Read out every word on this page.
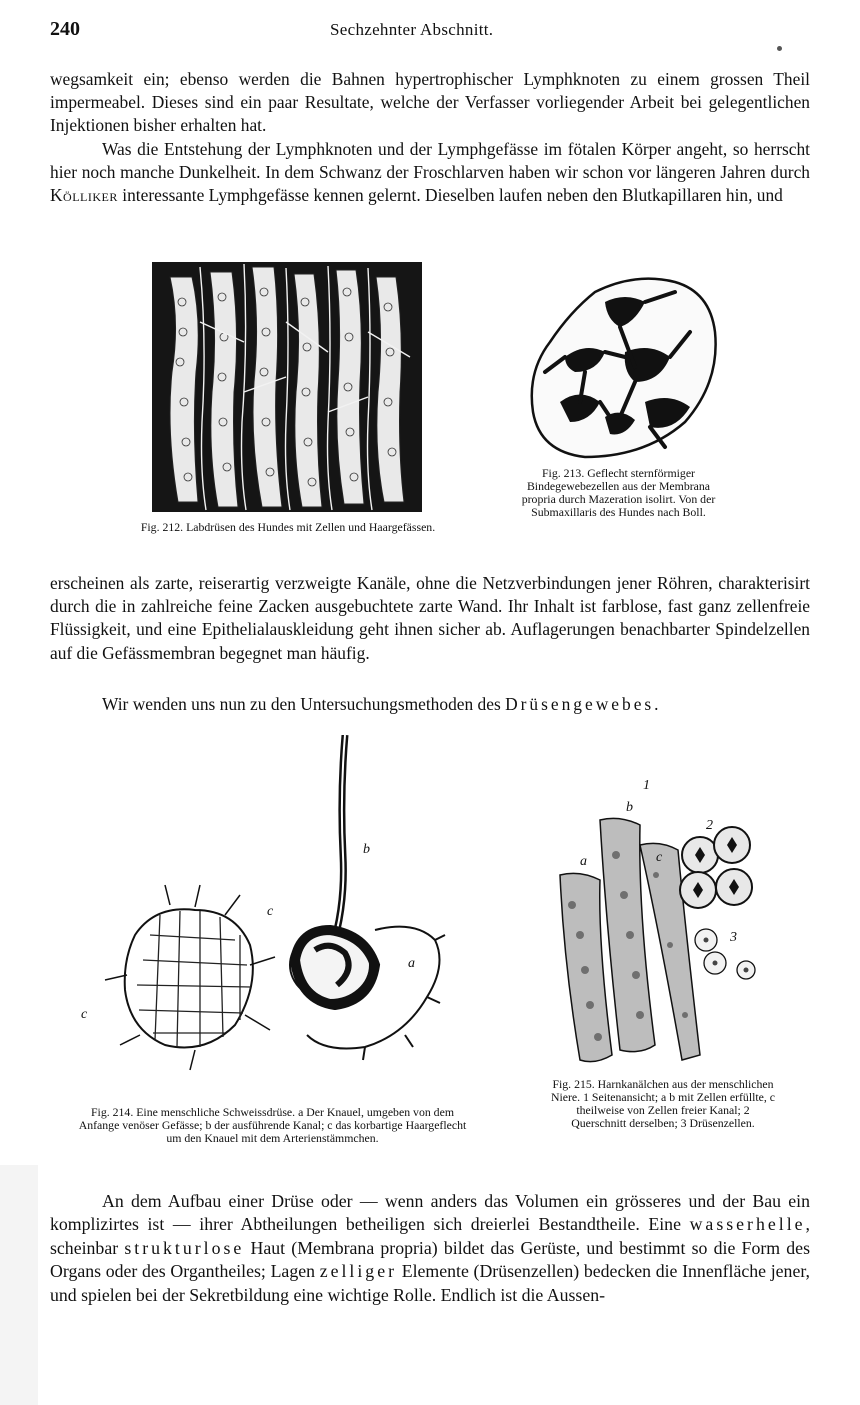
240	Sechzehnter Abschnitt.
wegsamkeit ein; ebenso werden die Bahnen hypertrophischer Lymphknoten zu einem grossen Theil impermeabel. Dieses sind ein paar Resultate, welche der Verfasser vorliegender Arbeit bei gelegentlichen Injektionen bisher erhalten hat.
Was die Entstehung der Lymphknoten und der Lymphgefässe im fötalen Körper angeht, so herrscht hier noch manche Dunkelheit. In dem Schwanz der Froschlarven haben wir schon vor längeren Jahren durch Kölliker interessante Lymphgefässe kennen gelernt. Dieselben laufen neben den Blutkapillaren hin, und
Fig. 212. Labdrüsen des Hundes mit Zellen und Haargefässen.
Fig. 213. Geflecht sternförmiger Bindegewebezellen aus der Membrana propria durch Mazeration isolirt. Von der Submaxillaris des Hundes nach Boll.
erscheinen als zarte, reiserartig verzweigte Kanäle, ohne die Netzverbindungen jener Röhren, charakterisirt durch die in zahlreiche feine Zacken ausgebuchtete zarte Wand. Ihr Inhalt ist farblose, fast ganz zellenfreie Flüssigkeit, und eine Epithelialauskleidung geht ihnen sicher ab. Auflagerungen benachbarter Spindelzellen auf die Gefässmembran begegnet man häufig.
Wir wenden uns nun zu den Untersuchungsmethoden des Drüsengewebes.
b
a
c
c
Fig. 214. Eine menschliche Schweissdrüse. a Der Knauel, umgeben von dem Anfange venöser Gefässe; b der ausführende Kanal; c das korbartige Haargeflecht um den Knauel mit dem Arterienstämmchen.
1
b
a	c
2
3
Fig. 215. Harnkanälchen aus der menschlichen Niere. 1 Seitenansicht; a b mit Zellen erfüllte, c theilweise von Zellen freier Kanal; 2 Querschnitt derselben; 3 Drüsenzellen.
An dem Aufbau einer Drüse oder — wenn anders das Volumen ein grösseres und der Bau ein komplizirtes ist — ihrer Abtheilungen betheiligen sich dreierlei Bestandtheile. Eine wasserhelle, scheinbar strukturlose Haut (Membrana propria) bildet das Gerüste, und bestimmt so die Form des Organs oder des Organtheiles; Lagen zelliger Elemente (Drüsenzellen) bedecken die Innenfläche jener, und spielen bei der Sekretbildung eine wichtige Rolle. Endlich ist die Aussen-
